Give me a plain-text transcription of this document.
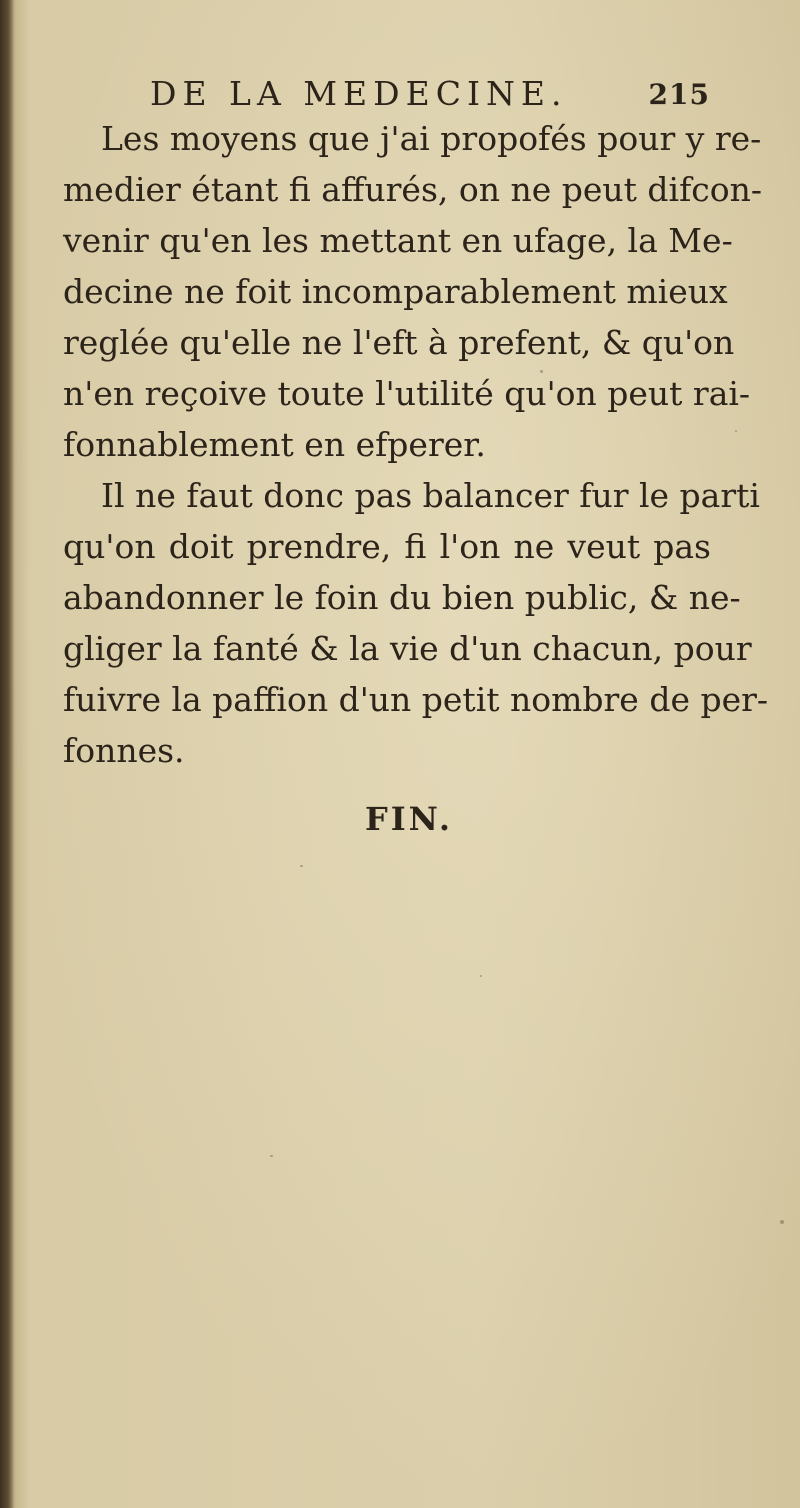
DE LA MEDECINE.	215
Les moyens que j'ai propofés pour y re-
medier étant fi affurés, on ne peut difcon-
venir qu'en les mettant en ufage, la Me-
decine ne foit incomparablement mieux
reglée qu'elle ne l'eft à prefent, & qu'on
n'en reçoive toute l'utilité qu'on peut rai-
fonnablement en efperer.
Il ne faut donc pas balancer fur le parti
qu'on doit prendre, fi l'on ne veut pas
abandonner le foin du bien public, & ne-
gliger la fanté & la vie d'un chacun, pour
fuivre la paffion d'un petit nombre de per-
fonnes.
FIN.
